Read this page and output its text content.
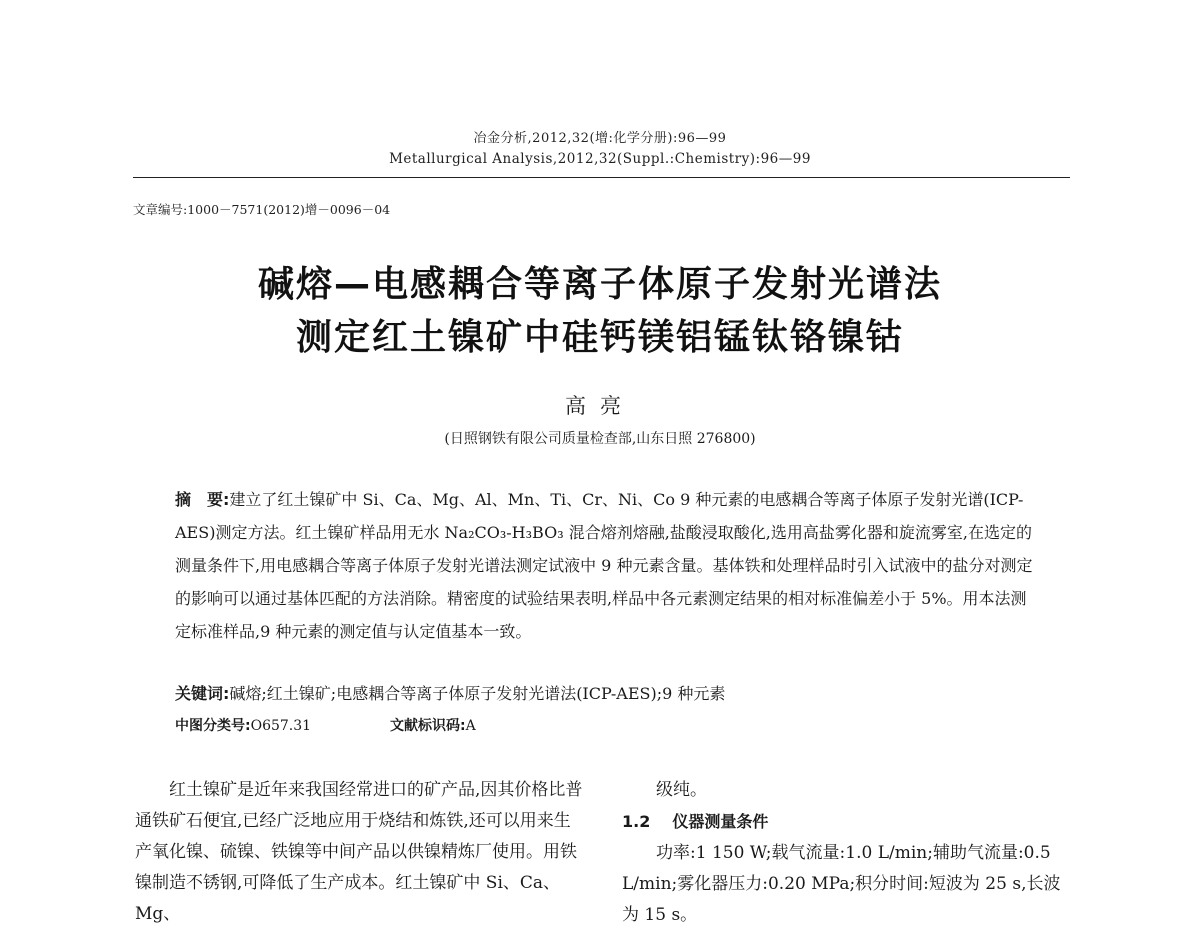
冶金分析,2012,32(增:化学分册):96—99
Metallurgical Analysis,2012,32(Suppl.:Chemistry):96—99
文章编号:1000－7571(2012)增－0096－04
碱熔—电感耦合等离子体原子发射光谱法
测定红土镍矿中硅钙镁铝锰钛铬镍钴
高亮
(日照钢铁有限公司质量检查部,山东日照 276800)
摘　要:建立了红土镍矿中 Si、Ca、Mg、Al、Mn、Ti、Cr、Ni、Co 9 种元素的电感耦合等离子体原子发射光谱(ICP-AES)测定方法。红土镍矿样品用无水 Na₂CO₃-H₃BO₃ 混合熔剂熔融,盐酸浸取酸化,选用高盐雾化器和旋流雾室,在选定的测量条件下,用电感耦合等离子体原子发射光谱法测定试液中 9 种元素含量。基体铁和处理样品时引入试液中的盐分对测定的影响可以通过基体匹配的方法消除。精密度的试验结果表明,样品中各元素测定结果的相对标准偏差小于 5%。用本法测定标准样品,9 种元素的测定值与认定值基本一致。
关键词:碱熔;红土镍矿;电感耦合等离子体原子发射光谱法(ICP-AES);9 种元素
中图分类号:O657.31	文献标识码:A
红土镍矿是近年来我国经常进口的矿产品,因其价格比普通铁矿石便宜,已经广泛地应用于烧结和炼铁,还可以用来生产氧化镍、硫镍、铁镍等中间产品以供镍精炼厂使用。用铁镍制造不锈钢,可降低了生产成本。红土镍矿中 Si、Ca、Mg、
级纯。
1.2 仪器测量条件
功率:1 150 W;载气流量:1.0 L/min;辅助气流量:0.5 L/min;雾化器压力:0.20 MPa;积分时间:短波为 25 s,长波为 15 s。
